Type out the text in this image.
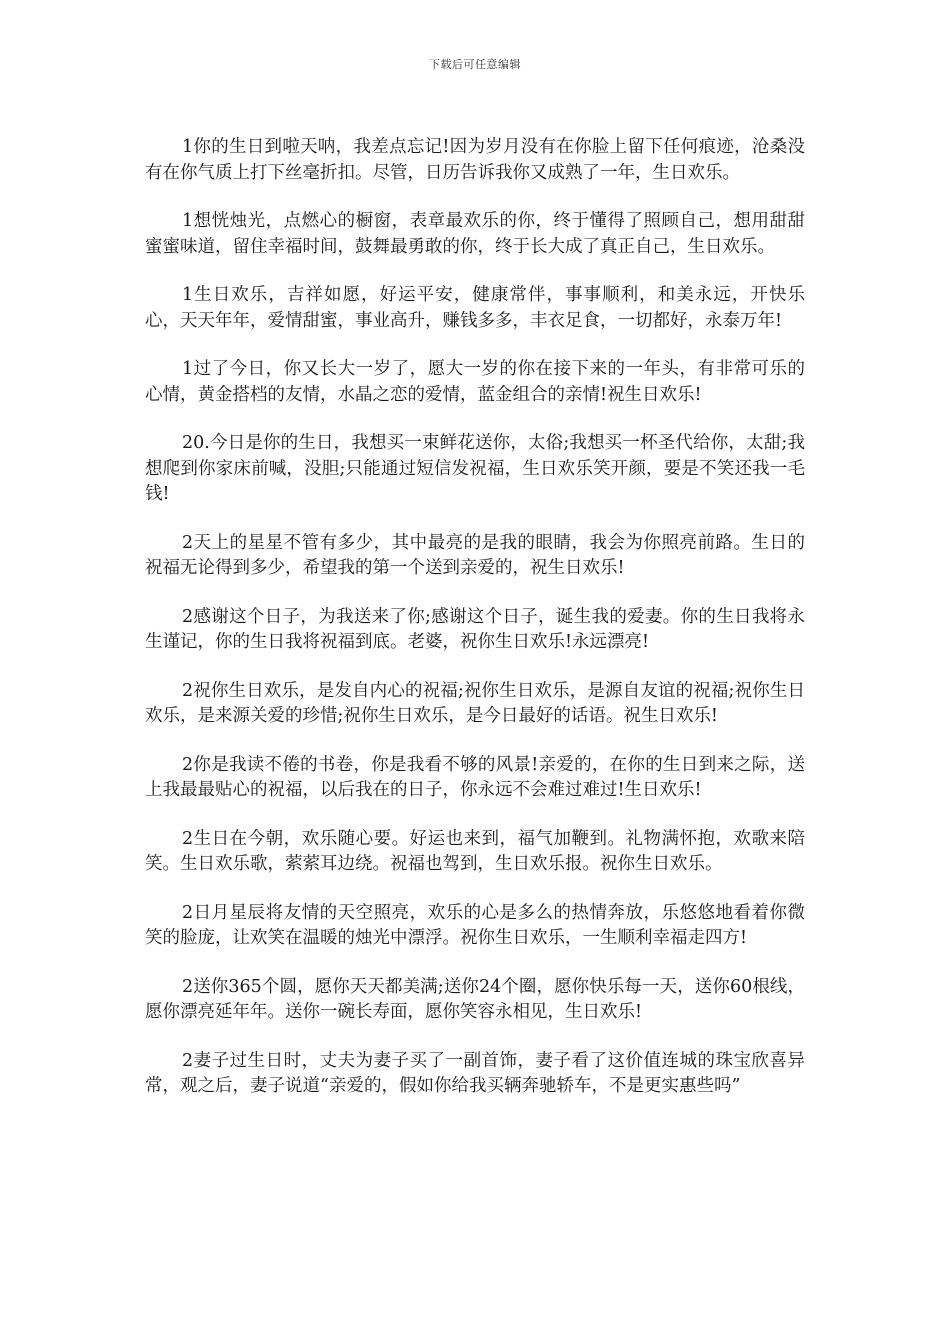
下载后可任意编辑

1你的生日到啦天呐，我差点忘记!因为岁月没有在你脸上留下任何痕迹，沧桑没有在你气质上打下丝毫折扣。尽管，日历告诉我你又成熟了一年，生日欢乐。

1想恍烛光，点燃心的橱窗，表章最欢乐的你，终于懂得了照顾自己，想用甜甜蜜蜜味道，留住幸福时间，鼓舞最勇敢的你，终于长大成了真正自己，生日欢乐。

1生日欢乐，吉祥如愿，好运平安，健康常伴，事事顺利，和美永远，开快乐心，天天年年，爱情甜蜜，事业高升，赚钱多多，丰衣足食，一切都好，永泰万年!

1过了今日，你又长大一岁了，愿大一岁的你在接下来的一年头，有非常可乐的心情，黄金搭档的友情，水晶之恋的爱情，蓝金组合的亲情!祝生日欢乐!

20.今日是你的生日，我想买一束鲜花送你，太俗;我想买一杯圣代给你，太甜;我想爬到你家床前喊，没胆;只能通过短信发祝福，生日欢乐笑开颜，要是不笑还我一毛钱!

2天上的星星不管有多少，其中最亮的是我的眼睛，我会为你照亮前路。生日的祝福无论得到多少，希望我的第一个送到亲爱的，祝生日欢乐!

2感谢这个日子，为我送来了你;感谢这个日子，诞生我的爱妻。你的生日我将永生谨记，你的生日我将祝福到底。老婆，祝你生日欢乐!永远漂亮!

2祝你生日欢乐，是发自内心的祝福;祝你生日欢乐，是源自友谊的祝福;祝你生日欢乐，是来源关爱的珍惜;祝你生日欢乐，是今日最好的话语。祝生日欢乐!

2你是我读不倦的书卷，你是我看不够的风景!亲爱的，在你的生日到来之际，送上我最最贴心的祝福，以后我在的日子，你永远不会难过难过!生日欢乐!

2生日在今朝，欢乐随心要。好运也来到，福气加鞭到。礼物满怀抱，欢歌来陪笑。生日欢乐歌，萦萦耳边绕。祝福也驾到，生日欢乐报。祝你生日欢乐。

2日月星辰将友情的天空照亮，欢乐的心是多么的热情奔放，乐悠悠地看着你微笑的脸庞，让欢笑在温暖的烛光中漂浮。祝你生日欢乐，一生顺利幸福走四方!

2送你365个圆，愿你天天都美满;送你24个圈，愿你快乐每一天，送你60根线，愿你漂亮延年年。送你一碗长寿面，愿你笑容永相见，生日欢乐!

2妻子过生日时，丈夫为妻子买了一副首饰，妻子看了这价值连城的珠宝欣喜异常，观之后，妻子说道“亲爱的，假如你给我买辆奔驰轿车，不是更实惠些吗”
